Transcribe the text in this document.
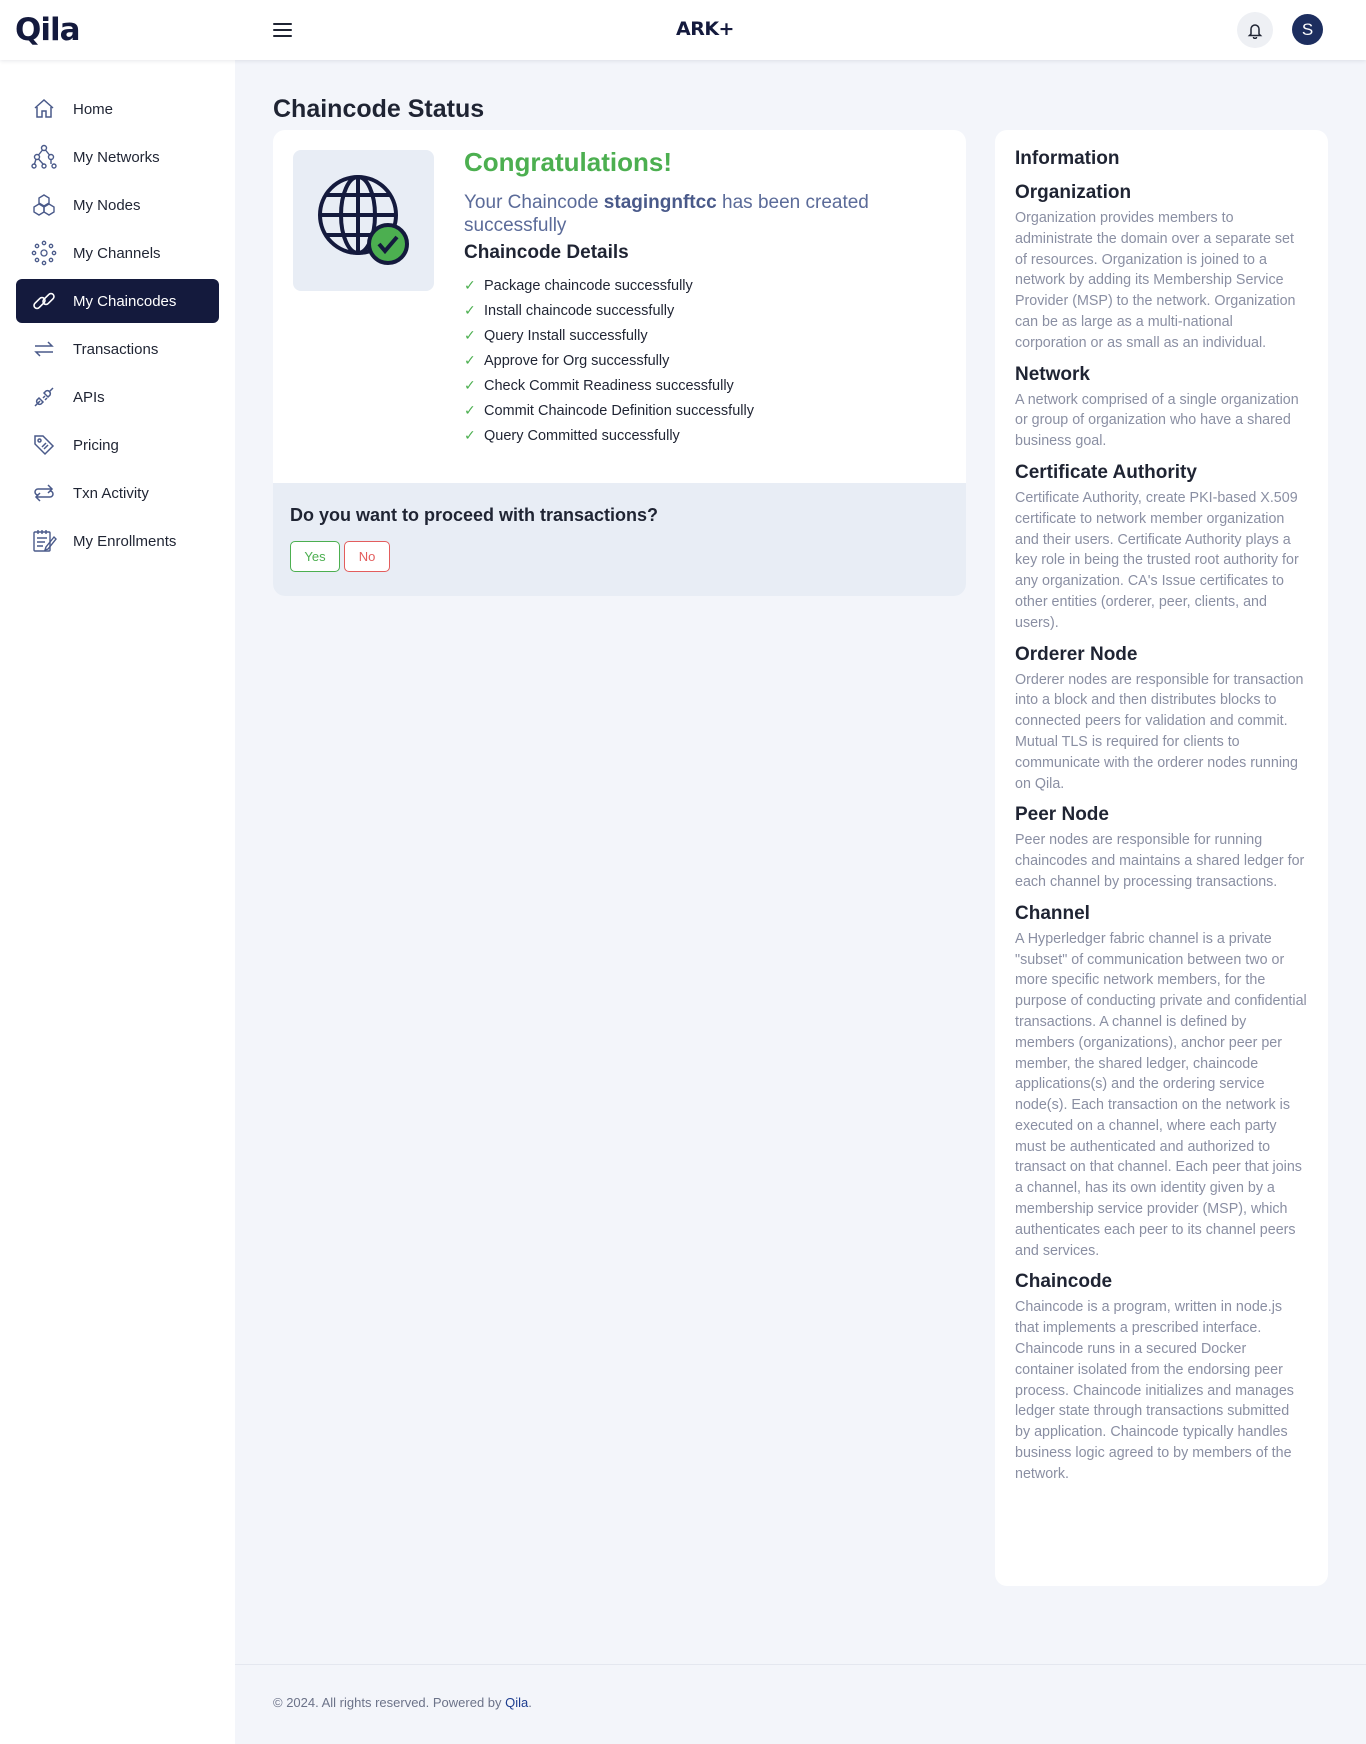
Qila	ARK+	S
Home
My Networks
My Nodes
My Channels
My Chaincodes
Transactions
APIs
Pricing
Txn Activity
My Enrollments
Chaincode Status
Congratulations!
Your Chaincode stagingnftcc has been created successfully
Chaincode Details
✓ Package chaincode successfully
✓ Install chaincode successfully
✓ Query Install successfully
✓ Approve for Org successfully
✓ Check Commit Readiness successfully
✓ Commit Chaincode Definition successfully
✓ Query Committed successfully
Do you want to proceed with transactions?
Yes	No
Information
Organization

Organization provides members to administrate the domain over a separate set of resources. Organization is joined to a network by adding its Membership Service Provider (MSP) to the network. Organization can be as large as a multi-national corporation or as small as an individual.

Network

A network comprised of a single organization or group of organization who have a shared business goal.

Certificate Authority

Certificate Authority, create PKI-based X.509 certificate to network member organization and their users. Certificate Authority plays a key role in being the trusted root authority for any organization. CA's Issue certificates to other entities (orderer, peer, clients, and users).

Orderer Node

Orderer nodes are responsible for transaction into a block and then distributes blocks to connected peers for validation and commit. Mutual TLS is required for clients to communicate with the orderer nodes running on Qila.

Peer Node

Peer nodes are responsible for running chaincodes and maintains a shared ledger for each channel by processing transactions.

Channel

A Hyperledger fabric channel is a private "subset" of communication between two or more specific network members, for the purpose of conducting private and confidential transactions. A channel is defined by members (organizations), anchor peer per member, the shared ledger, chaincode applications(s) and the ordering service node(s). Each transaction on the network is executed on a channel, where each party must be authenticated and authorized to transact on that channel. Each peer that joins a channel, has its own identity given by a membership service provider (MSP), which authenticates each peer to its channel peers and services.

Chaincode

Chaincode is a program, written in node.js that implements a prescribed interface. Chaincode runs in a secured Docker container isolated from the endorsing peer process. Chaincode initializes and manages ledger state through transactions submitted by application. Chaincode typically handles business logic agreed to by members of the network.

© 2024. All rights reserved. Powered by Qila.
